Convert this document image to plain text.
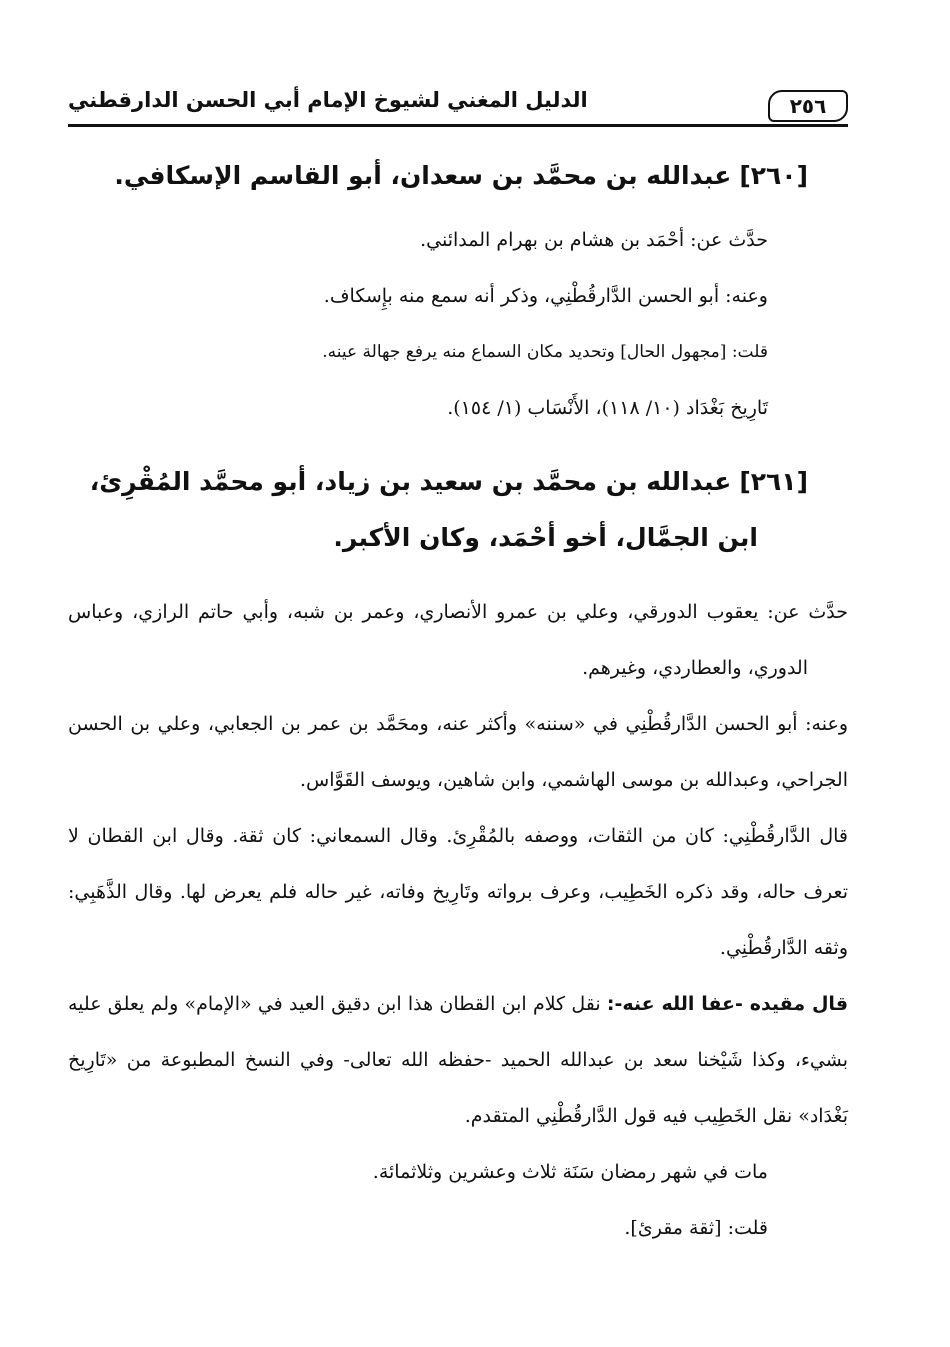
٢٥٦
الدليل المغني لشيوخ الإمام أبي الحسن الدارقطني
[٢٦٠]عبدالله بن محمَّد بن سعدان، أبو القاسم الإسكافي.

حدَّث عن: أحْمَد بن هشام بن بهرام المدائني.

وعنه: أبو الحسن الدَّارقُطْنِي، وذكر أنه سمع منه بإِسكاف.

قلت: [مجهول الحال] وتحديد مكان السماع منه يرفع جهالة عينه.

تَارِيخ بَغْدَاد (١٠/ ١١٨)، الأَنْسَاب (١/ ١٥٤).

[٢٦١]عبدالله بن محمَّد بن سعيد بن زياد، أبو محمَّد المُقْرِئ،
ابن الجمَّال، أخو أحْمَد، وكان الأكبر.

حدَّث عن: يعقوب الدورقي، وعلي بن عمرو الأنصاري، وعمر بن شبه، وأبي حاتم الرازي، وعباس الدوري، والعطاردي، وغيرهم.

وعنه: أبو الحسن الدَّارقُطْنِي في «سننه» وأكثر عنه، ومحَمَّد بن عمر بن الجعابي، وعلي بن الحسن الجراحي، وعبدالله بن موسى الهاشمي، وابن شاهين، ويوسف القَوَّاس.

قال الدَّارقُطْنِي: كان من الثقات، ووصفه بالمُقْرِئ. وقال السمعاني: كان ثقة. وقال ابن القطان لا تعرف حاله، وقد ذكره الخَطِيب، وعرف برواته وتَارِيخ وفاته، غير حاله فلم يعرض لها. وقال الذَّهَبِي: وثقه الدَّارقُطْنِي.

قال مقيده -عفا الله عنه-: نقل كلام ابن القطان هذا ابن دقيق العيد في «الإمام» ولم يعلق عليه بشيء، وكذا شَيْخنا سعد بن عبدالله الحميد -حفظه الله تعالى- وفي النسخ المطبوعة من «تَارِيخ بَغْدَاد» نقل الخَطِيب فيه قول الدَّارقُطْنِي المتقدم.

مات في شهر رمضان سَنَة ثلاث وعشرين وثلاثمائة.

قلت: [ثقة مقرئ].
